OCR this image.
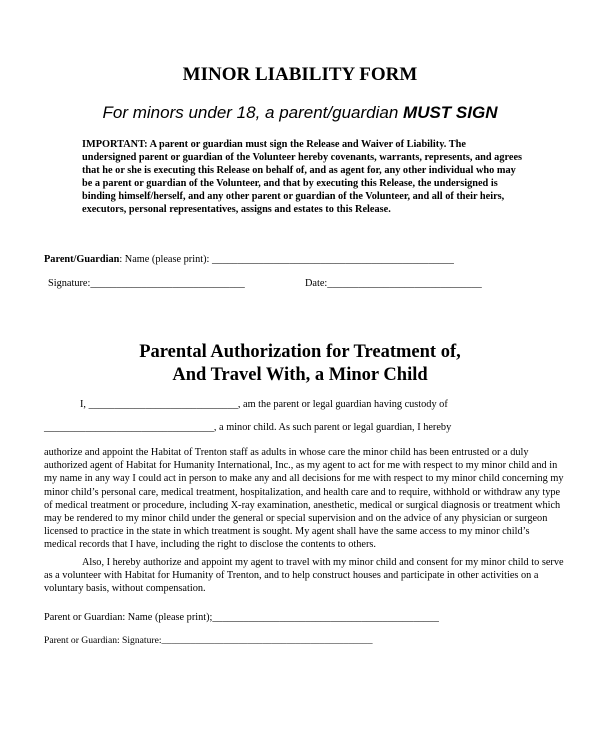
MINOR LIABILITY FORM
For minors under 18, a parent/guardian MUST SIGN
IMPORTANT: A parent or guardian must sign the Release and Waiver of Liability. The undersigned parent or guardian of the Volunteer hereby covenants, warrants, represents, and agrees that he or she is executing this Release on behalf of, and as agent for, any other individual who may be a parent or guardian of the Volunteer, and that by executing this Release, the undersigned is binding himself/herself, and any other parent or guardian of the Volunteer, and all of their heirs, executors, personal representatives, assigns and estates to this Release.
Parent/Guardian: Name (please print): _______________________________________________
Signature:______________________________	Date:______________________________
Parental Authorization for Treatment of,
And Travel With, a Minor Child
I, _____________________________, am the parent or legal guardian having custody of
_________________________________, a minor child. As such parent or legal guardian, I hereby
authorize and appoint the Habitat of Trenton staff as adults in whose care the minor child has been entrusted or a duly authorized agent of Habitat for Humanity International, Inc., as my agent to act for me with respect to my minor child and in my name in any way I could act in person to make any and all decisions for me with respect to my minor child concerning my minor child’s personal care, medical treatment, hospitalization, and health care and to require, withhold or withdraw any type of medical treatment or procedure, including X-ray examination, anesthetic, medical or surgical diagnosis or treatment which may be rendered to my minor child under the general or special supervision and on the advice of any physician or surgeon licensed to practice in the state in which treatment is sought. My agent shall have the same access to my minor child’s medical records that I have, including the right to disclose the contents to others.
Also, I hereby authorize and appoint my agent to travel with my minor child and consent for my minor child to serve as a volunteer with Habitat for Humanity of Trenton, and to help construct houses and participate in other activities on a voluntary basis, without compensation.
Parent or Guardian: Name (please print);____________________________________________
Parent or Guardian: Signature:____________________________________________
